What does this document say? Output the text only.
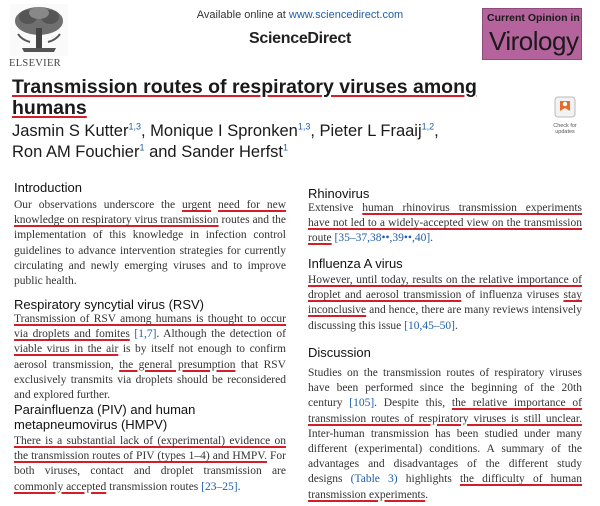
Available online at www.sciencedirect.com
ScienceDirect
ELSEVIER
Current Opinion in
Virology
Transmission routes of respiratory viruses among
humans
Check for
updates
Jasmin S Kutter$^{1,3}$, Monique I Spronken$^{1,3}$, Pieter L Fraaij$^{1,2}$,
Ron AM Fouchier$^1$ and Sander Herfst$^1$
Introduction
Our observations underscore the urgent need for new knowledge on respiratory virus transmission routes and the implementation of this knowledge in infection control guidelines to advance intervention strategies for currently circulating and newly emerging viruses and to improve public health.
Respiratory syncytial virus (RSV)
Transmission of RSV among humans is thought to occur via droplets and fomites [1,7]. Although the detection of viable virus in the air is by itself not enough to confirm aerosol transmission, the general presumption that RSV exclusively transmits via droplets should be reconsidered and explored further.
Parainfluenza (PIV) and human
metapneumovirus (HMPV)
There is a substantial lack of (experimental) evidence on the transmission routes of PIV (types 1–4) and HMPV. For both viruses, contact and droplet transmission are commonly accepted transmission routes [23–25].
Rhinovirus
Extensive human rhinovirus transmission experiments have not led to a widely-accepted view on the transmission route [35–37,38••,39••,40].
Influenza A virus
However, until today, results on the relative importance of droplet and aerosol transmission of influenza viruses stay inconclusive and hence, there are many reviews intensively discussing this issue [10,45–50].
Discussion
Studies on the transmission routes of respiratory viruses have been performed since the beginning of the 20th century [105]. Despite this, the relative importance of transmission routes of respiratory viruses is still unclear. Inter-human transmission has been studied under many different (experimental) conditions. A summary of the advantages and disadvantages of the different study designs (Table 3) highlights the difficulty of human transmission experiments.
